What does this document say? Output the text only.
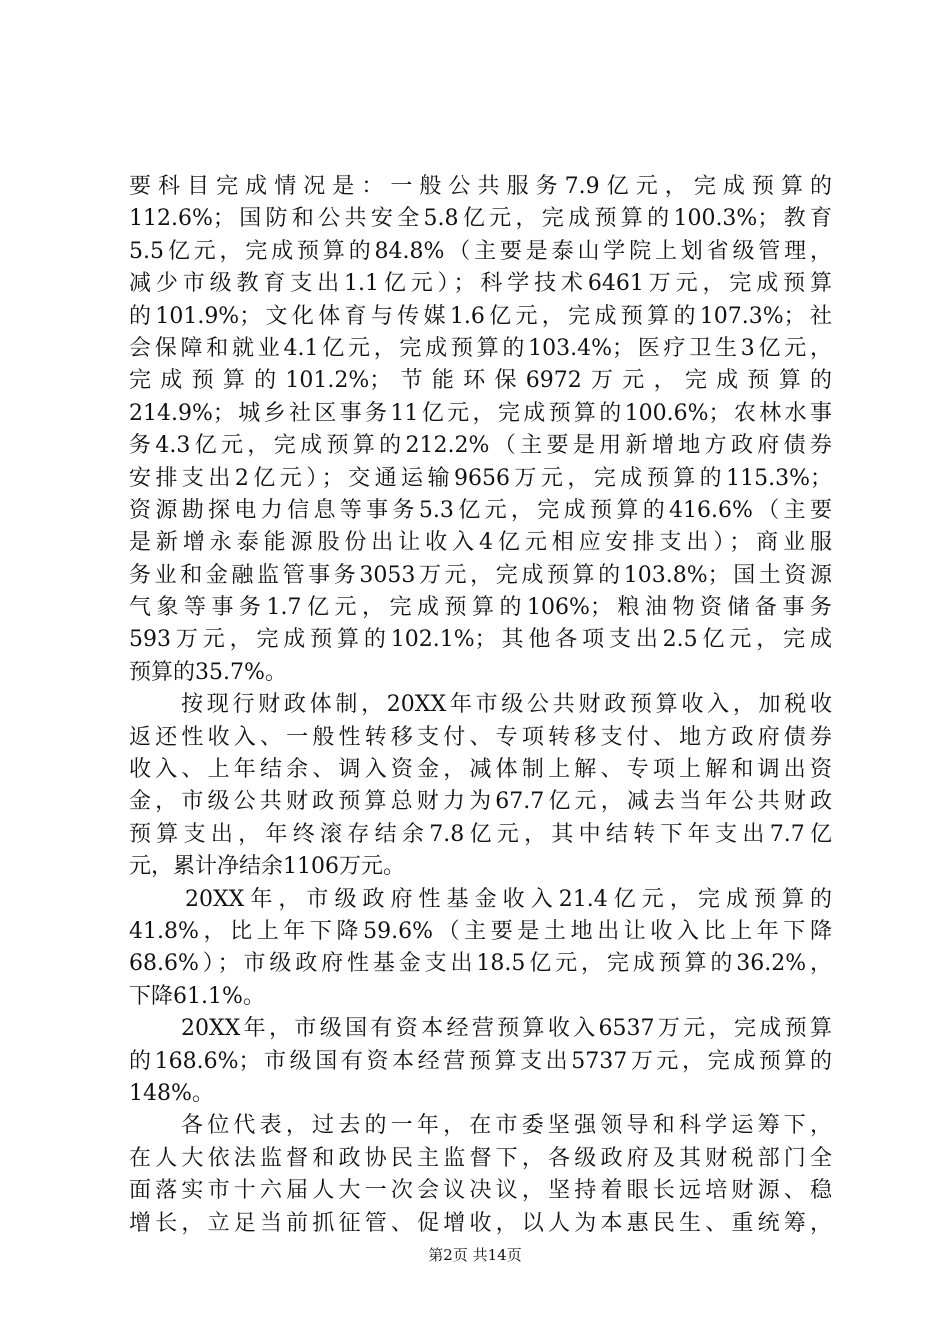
要科目完成情况是：一般公共服务7.9亿元，完成预算的
112.6%；国防和公共安全5.8亿元，完成预算的100.3%；教育
5.5亿元，完成预算的84.8%（主要是泰山学院上划省级管理，
减少市级教育支出1.1亿元）；科学技术6461万元，完成预算
的101.9%；文化体育与传媒1.6亿元，完成预算的107.3%；社
会保障和就业4.1亿元，完成预算的103.4%；医疗卫生3亿元，
完成预算的101.2%；节能环保6972万元，完成预算的
214.9%；城乡社区事务11亿元，完成预算的100.6%；农林水事
务4.3亿元，完成预算的212.2%（主要是用新增地方政府债券
安排支出2亿元）；交通运输9656万元，完成预算的115.3%；
资源勘探电力信息等事务5.3亿元，完成预算的416.6%（主要
是新增永泰能源股份出让收入4亿元相应安排支出）；商业服
务业和金融监管事务3053万元，完成预算的103.8%；国土资源
气象等事务1.7亿元，完成预算的106%；粮油物资储备事务
593万元，完成预算的102.1%；其他各项支出2.5亿元，完成
预算的35.7%。
按现行财政体制，20XX年市级公共财政预算收入，加税收
返还性收入、一般性转移支付、专项转移支付、地方政府债券
收入、上年结余、调入资金，减体制上解、专项上解和调出资
金，市级公共财政预算总财力为67.7亿元，减去当年公共财政
预算支出，年终滚存结余7.8亿元，其中结转下年支出7.7亿
元，累计净结余1106万元。
20XX年，市级政府性基金收入21.4亿元，完成预算的
41.8%，比上年下降59.6%（主要是土地出让收入比上年下降
68.6%）；市级政府性基金支出18.5亿元，完成预算的36.2%，
下降61.1%。
20XX年，市级国有资本经营预算收入6537万元，完成预算
的168.6%；市级国有资本经营预算支出5737万元，完成预算的
148%。
各位代表，过去的一年，在市委坚强领导和科学运筹下，
在人大依法监督和政协民主监督下，各级政府及其财税部门全
面落实市十六届人大一次会议决议，坚持着眼长远培财源、稳
增长，立足当前抓征管、促增收，以人为本惠民生、重统筹，
第2页 共14页
